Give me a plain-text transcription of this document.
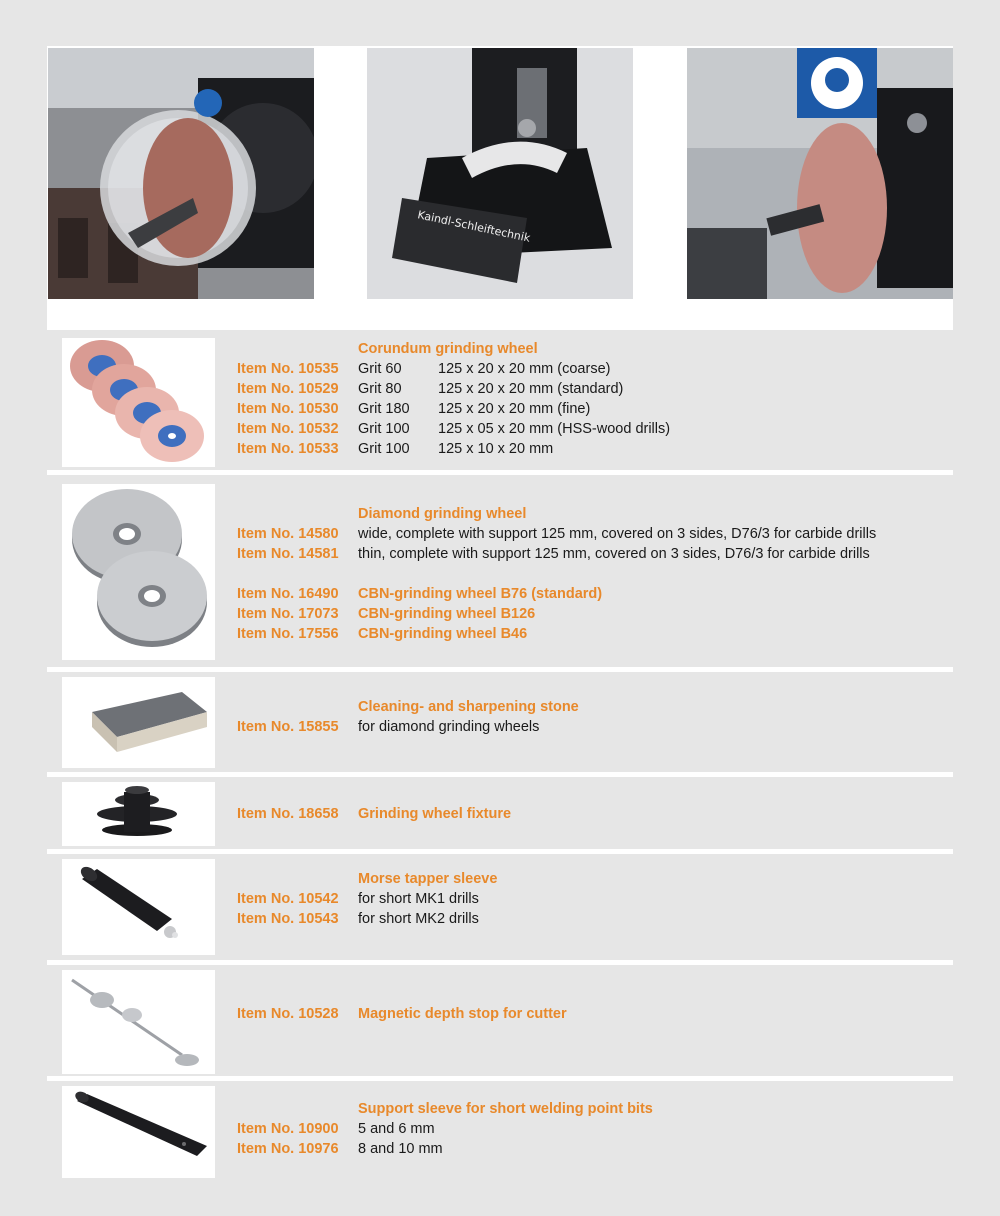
Kaindl-Schleiftechnik
Corundum grinding wheel
Item No. 10535	Grit 60	125 x 20 x 20 mm (coarse)
Item No. 10529	Grit 80	125 x 20 x 20 mm (standard)
Item No. 10530	Grit 180 125 x 20 x 20 mm (fine)
Item No. 10532	Grit 100 125 x 05 x 20 mm (HSS-wood drills)
Item No. 10533	Grit 100 125 x 10 x 20 mm
Diamond grinding wheel
Item No. 14580	wide, complete with support 125 mm, covered on 3 sides, D76/3 for carbide drills
Item No. 14581	thin, complete with support 125 mm, covered on 3 sides, D76/3 for carbide drills
Item No. 16490	CBN-grinding wheel B76 (standard)
Item No. 17073	CBN-grinding wheel B126
Item No. 17556	CBN-grinding wheel B46
Cleaning- and sharpening stone
Item No. 15855	for diamond grinding wheels
Item No. 18658	Grinding wheel fixture
Morse tapper sleeve
Item No. 10542	for short MK1 drills
Item No. 10543	for short MK2 drills
Item No. 10528	Magnetic depth stop for cutter
Support sleeve for short welding point bits
Item No. 10900	5 and 6 mm
Item No. 10976	8 and 10 mm
